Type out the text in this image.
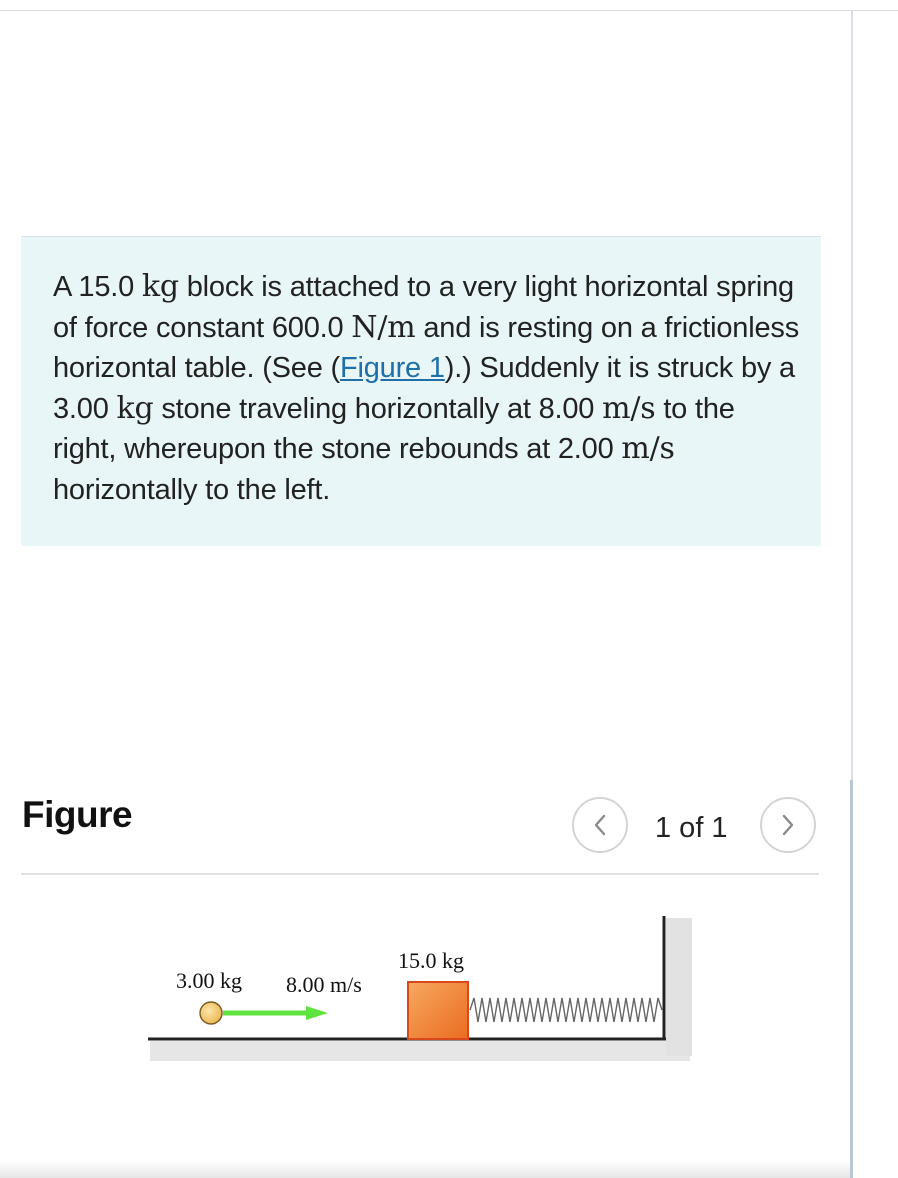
A 15.0 kg block is attached to a very light horizontal spring of force constant 600.0 N/m and is resting on a frictionless horizontal table. (See (Figure 1).) Suddenly it is struck by a 3.00 kg stone traveling horizontally at 8.00 m/s to the right, whereupon the stone rebounds at 2.00 m/s horizontally to the left.
Figure	1 of 1
15.0 kg
3.00 kg 8.00 m/s
